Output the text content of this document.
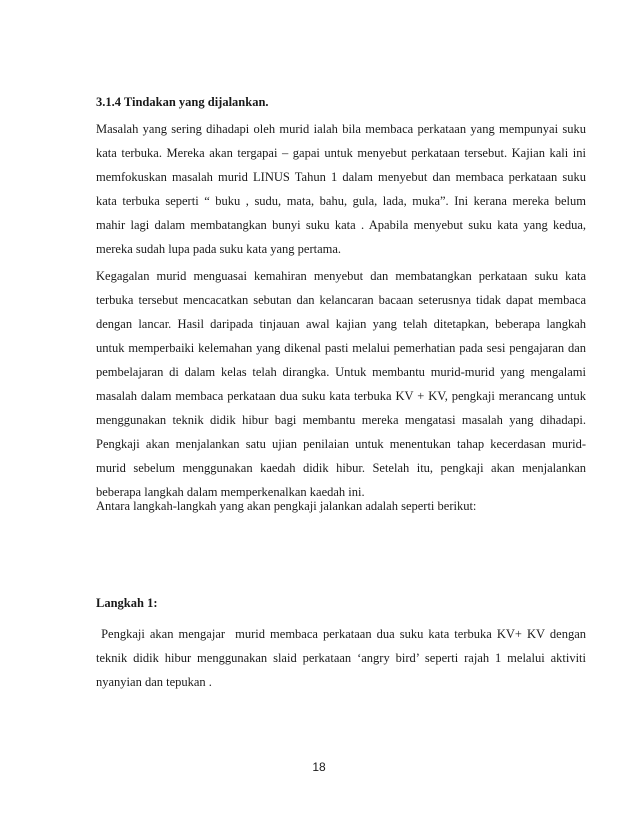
3.1.4 Tindakan yang dijalankan.

Masalah yang sering dihadapi oleh murid ialah bila membaca perkataan yang mempunyai suku
kata terbuka. Mereka akan tergapai – gapai untuk menyebut perkataan tersebut. Kajian kali ini
memfokuskan masalah murid LINUS Tahun 1 dalam menyebut dan membaca perkataan suku
kata terbuka seperti “ buku , sudu, mata, bahu, gula, lada, muka”. Ini kerana mereka belum
mahir lagi dalam membatangkan bunyi suku kata . Apabila menyebut suku kata yang kedua,
mereka sudah lupa pada suku kata yang pertama.

Kegagalan murid menguasai kemahiran menyebut dan membatangkan perkataan suku kata
terbuka tersebut mencacatkan sebutan dan kelancaran bacaan seterusnya tidak dapat membaca
dengan lancar. Hasil daripada tinjauan awal kajian yang telah ditetapkan, beberapa langkah
untuk memperbaiki kelemahan yang dikenal pasti melalui pemerhatian pada sesi pengajaran dan
pembelajaran di dalam kelas telah dirangka. Untuk membantu murid-murid yang mengalami
masalah dalam membaca perkataan dua suku kata terbuka KV + KV, pengkaji merancang untuk
menggunakan teknik didik hibur bagi membantu mereka mengatasi masalah yang dihadapi.
Pengkaji akan menjalankan satu ujian penilaian untuk menentukan tahap kecerdasan murid-
murid sebelum menggunakan kaedah didik hibur. Setelah itu, pengkaji akan menjalankan
beberapa langkah dalam memperkenalkan kaedah ini.

Antara langkah-langkah yang akan pengkaji jalankan adalah seperti berikut:

Langkah 1:

Pengkaji akan mengajar  murid membaca perkataan dua suku kata terbuka KV+ KV dengan
teknik didik hibur menggunakan slaid perkataan ‘angry bird’ seperti rajah 1 melalui aktiviti
nyanyian dan tepukan .

18
